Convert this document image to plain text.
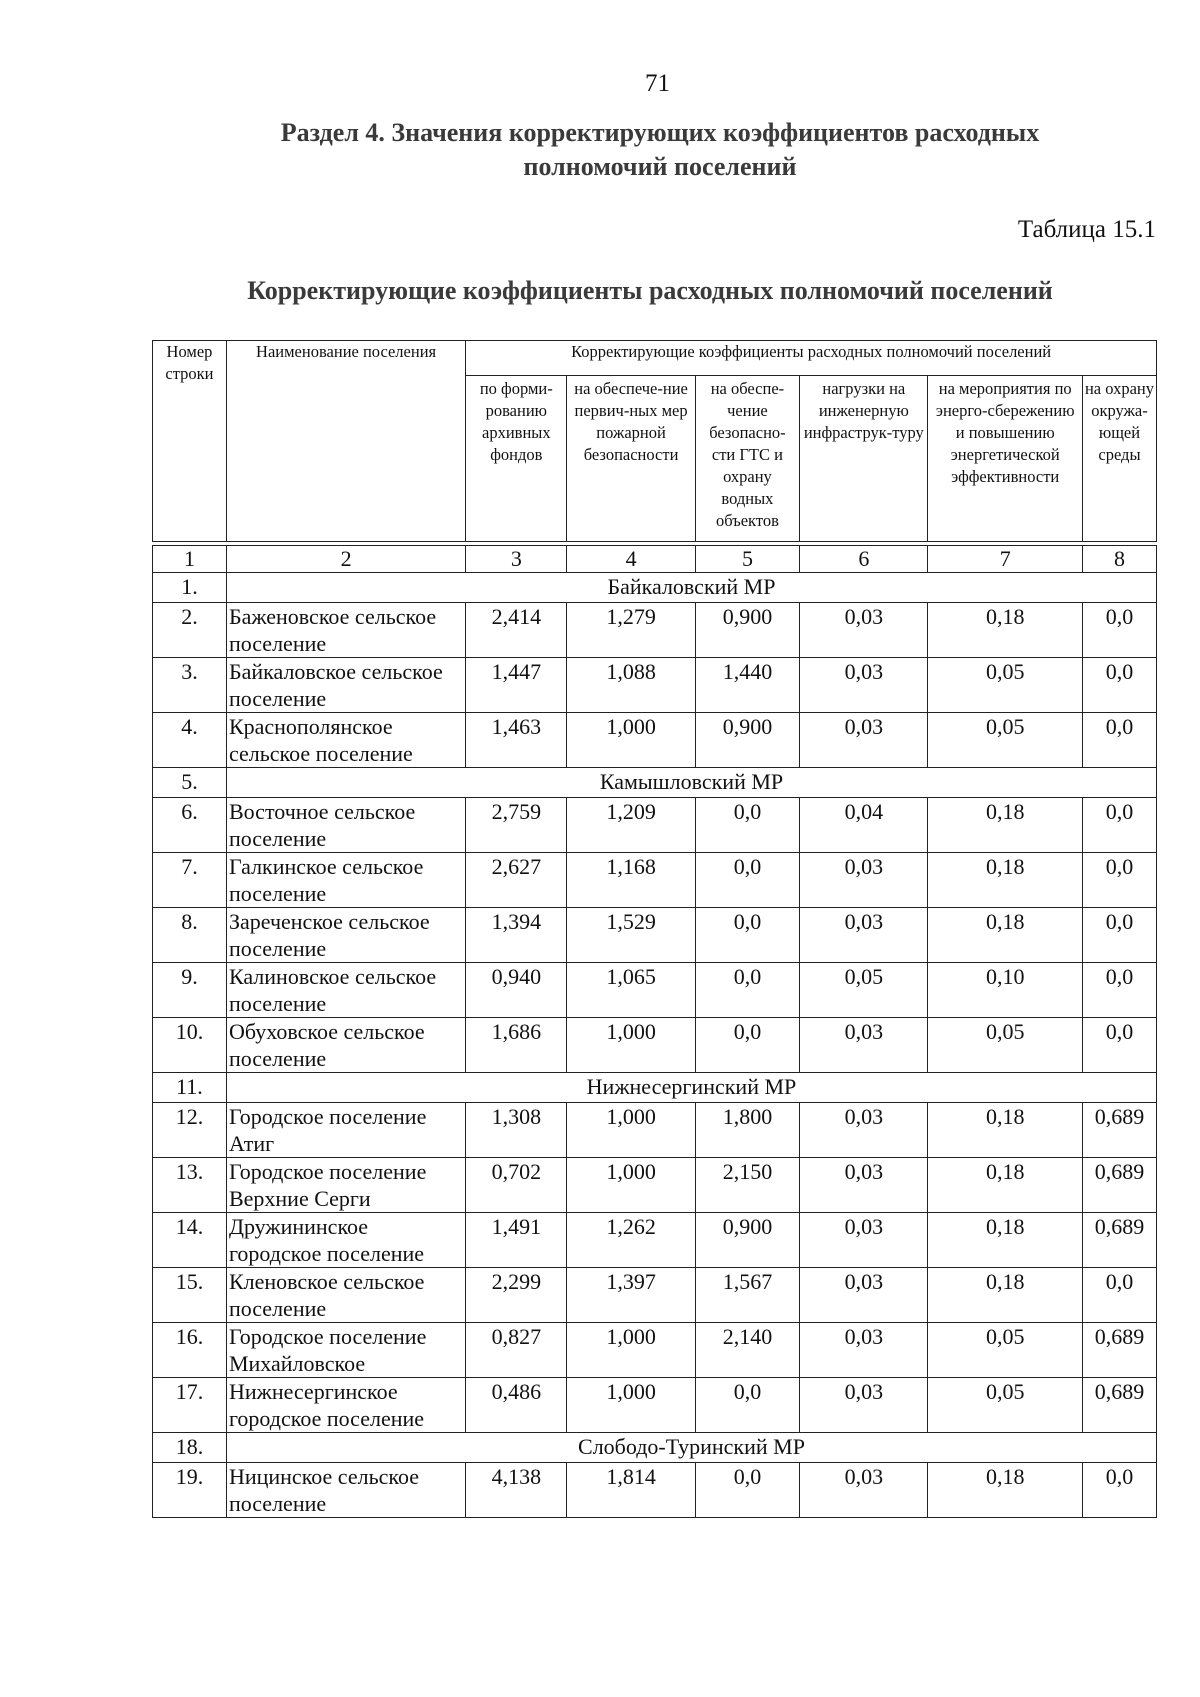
71
Раздел 4. Значения корректирующих коэффициентов расходных
полномочий поселений
Таблица 15.1
Корректирующие коэффициенты расходных полномочий поселений
Номер строки	Наименование поселения	Корректирующие коэффициенты расходных полномочий поселений					
		по форми-рованию архивных фондов	на обеспече-ние первич-ных мер пожарной безопасности	на обеспе-чение безопасно-сти ГТС и охрану водных объектов	нагрузки на инженерную инфраструк-туру	на мероприятия по энерго-сбережению и повышению энергетической эффективности	на охрану окружа-ющей среды

1	2	3	4	5	6	7	8
1.	Байкаловский МР						
2.	Баженовское сельское поселение	2,414	1,279	0,900	0,03	0,18	0,0
3.	Байкаловское сельское поселение	1,447	1,088	1,440	0,03	0,05	0,0
4.	Краснополянское сельское поселение	1,463	1,000	0,900	0,03	0,05	0,0
5.	Камышловский МР						
6.	Восточное сельское поселение	2,759	1,209	0,0	0,04	0,18	0,0
7.	Галкинское сельское поселение	2,627	1,168	0,0	0,03	0,18	0,0
8.	Зареченское сельское поселение	1,394	1,529	0,0	0,03	0,18	0,0
9.	Калиновское сельское поселение	0,940	1,065	0,0	0,05	0,10	0,0
10.	Обуховское сельское поселение	1,686	1,000	0,0	0,03	0,05	0,0
11.	Нижнесергинский МР						
12.	Городское поселение Атиг	1,308	1,000	1,800	0,03	0,18	0,689
13.	Городское поселение Верхние Серги	0,702	1,000	2,150	0,03	0,18	0,689
14.	Дружининское городское поселение	1,491	1,262	0,900	0,03	0,18	0,689
15.	Кленовское сельское поселение	2,299	1,397	1,567	0,03	0,18	0,0
16.	Городское поселение Михайловское	0,827	1,000	2,140	0,03	0,05	0,689
17.	Нижнесергинское городское поселение	0,486	1,000	0,0	0,03	0,05	0,689
18.	Слободо-Туринский МР						
19.	Ницинское сельское поселение	4,138	1,814	0,0	0,03	0,18	0,0
